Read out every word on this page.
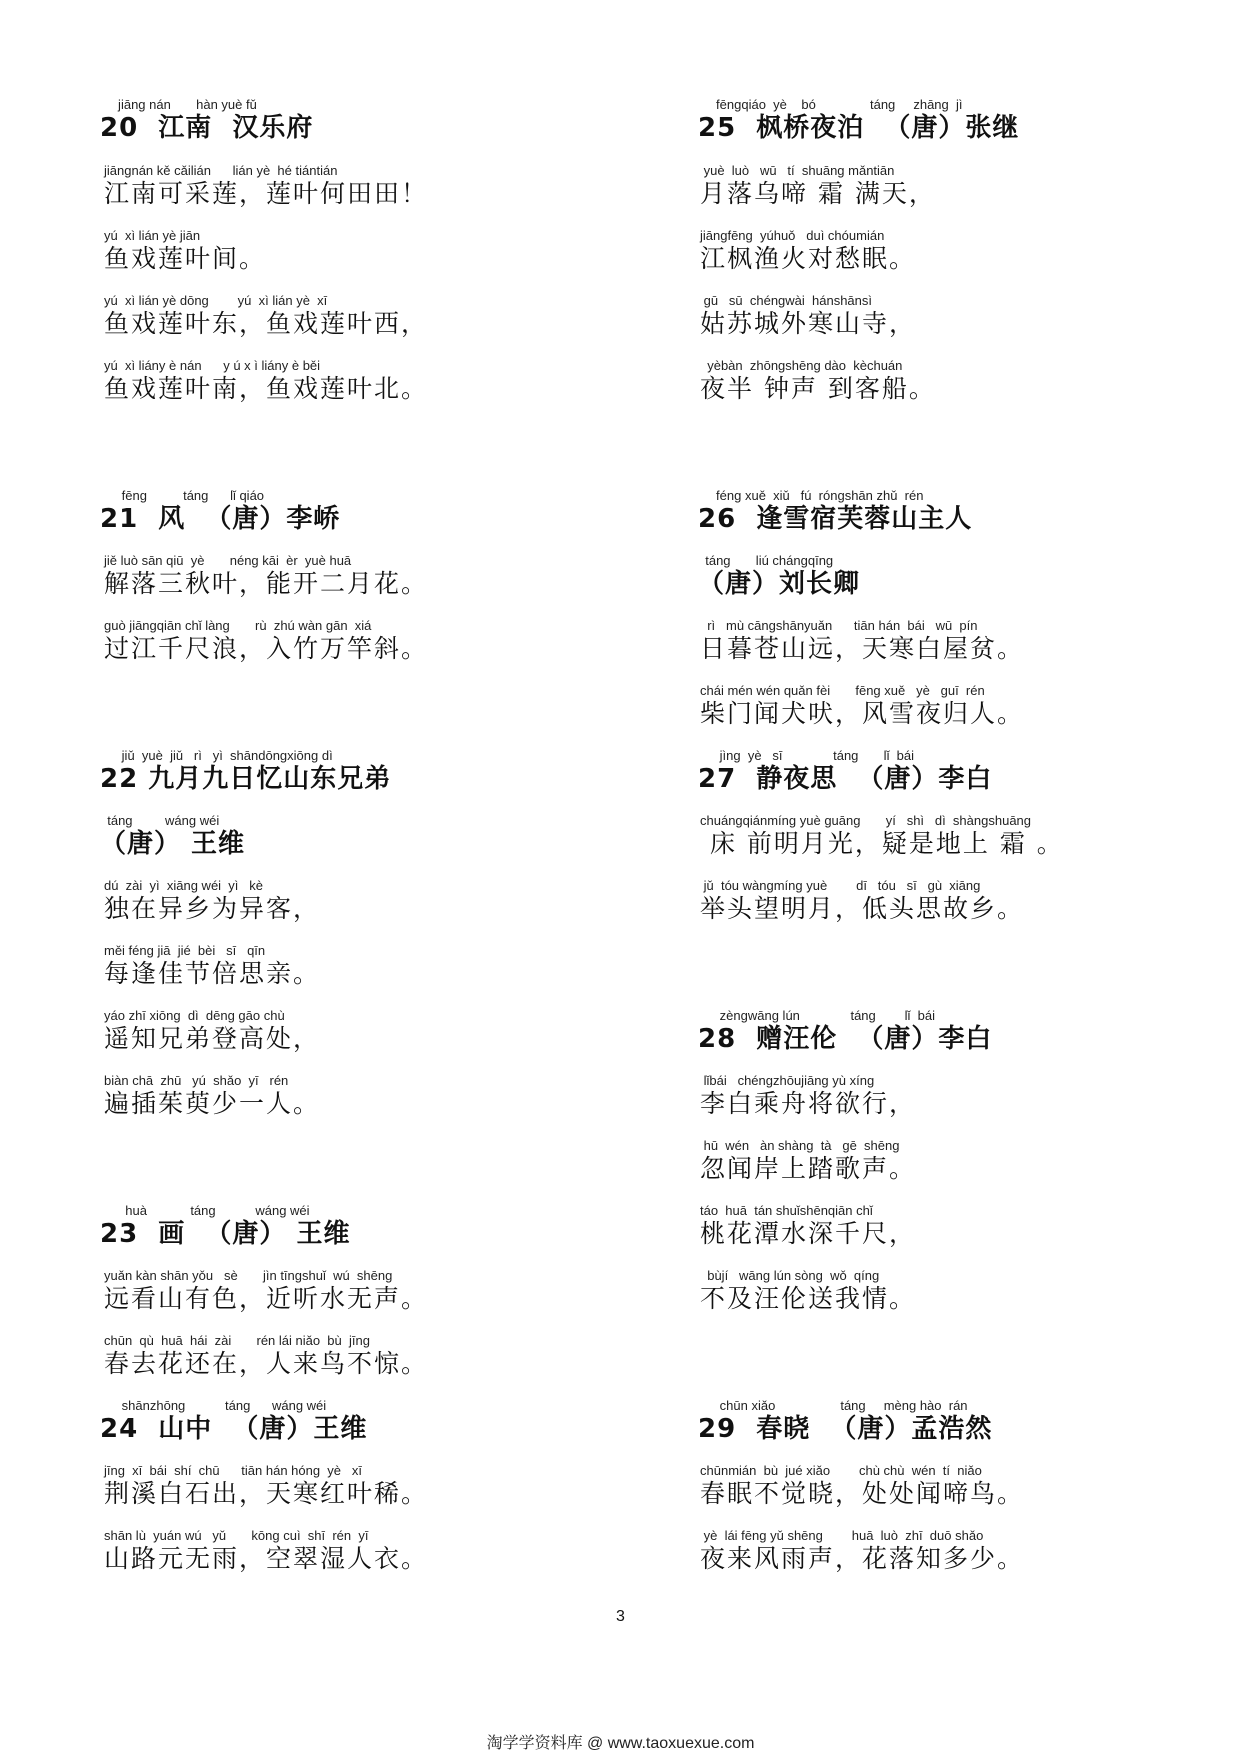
jiāng nán       hàn yuè fǔ
20  江南  汉乐府
jiāngnán kě cǎilián      lián yè  hé tiántián
江南可采莲，莲叶何田田！
yú  xì lián yè jiān
鱼戏莲叶间。
yú  xì lián yè dōng        yú  xì lián yè  xī
鱼戏莲叶东，鱼戏莲叶西，
yú  xì liány è nán      y ú x ì liány è běi
鱼戏莲叶南，鱼戏莲叶北。
fēng          táng      lǐ qiáo
21  风  （唐）李峤
jiě luò sān qiū  yè       néng kāi  èr  yuè huā
解落三秋叶，能开二月花。
guò jiāngqiān chǐ làng       rù  zhú wàn gān  xiá
过江千尺浪，入竹万竿斜。
jiǔ  yuè  jiǔ   rì   yì  shāndōngxiōng dì
22 九月九日忆山东兄弟
táng         wáng wéi
（唐） 王维
dú  zài  yì  xiāng wéi  yì   kè
独在异乡为异客，
měi féng jiā  jié  bèi   sī   qīn
每逢佳节倍思亲。
yáo zhī xiōng  dì  dēng gāo chù
遥知兄弟登高处，
biàn chā  zhū   yú  shǎo  yī   rén
遍插茱萸少一人。
huà            táng           wáng wéi
23  画  （唐） 王维
yuǎn kàn shān yǒu   sè       jìn tīngshuǐ  wú  shēng
远看山有色，近听水无声。
chūn  qù  huā  hái  zài       rén lái niǎo  bù  jīng
春去花还在，人来鸟不惊。
shānzhōng           táng      wáng wéi
24  山中  （唐）王维
jīng  xī  bái  shí  chū      tiān hán hóng  yè   xī
荆溪白石出，天寒红叶稀。
shān lù  yuán wú   yǔ       kōng cuì  shī  rén  yī
山路元无雨，空翠湿人衣。
fēngqiáo  yè    bó               táng     zhāng  jì
25  枫桥夜泊  （唐）张继
yuè  luò   wū   tí  shuāng mǎntiān
月落乌啼 霜 满天，
jiāngfēng  yúhuǒ   duì chóumián
江枫渔火对愁眠。
gū   sū  chéngwài  hánshānsì
姑苏城外寒山寺，
yèbàn  zhōngshēng dào  kèchuán
夜半 钟声 到客船。
féng xuě  xiǔ   fú  róngshān zhǔ  rén
26  逢雪宿芙蓉山主人
táng       liú chángqīng
（唐）刘长卿
rì   mù cāngshānyuǎn      tiān hán  bái   wū  pín
日暮苍山远，天寒白屋贫。
chái mén wén quǎn fèi       fēng xuě   yè   guī  rén
柴门闻犬吠，风雪夜归人。
jìng  yè   sī              táng       lǐ  bái
27  静夜思  （唐）李白
chuángqiánmíng yuè guāng       yí   shì   dì  shàngshuāng
床 前明月光，疑是地上 霜 。
jǔ  tóu wàngmíng yuè        dī   tóu   sī   gù  xiāng
举头望明月，低头思故乡。
zèngwāng lún              táng        lǐ  bái
28  赠汪伦  （唐）李白
lǐbái   chéngzhōujiāng yù xíng
李白乘舟将欲行，
hū  wén   àn shàng  tà   gē  shēng
忽闻岸上踏歌声。
táo  huā  tán shuǐshēnqiān chǐ
桃花潭水深千尺，
bùjí   wāng lún sòng  wǒ  qíng
不及汪伦送我情。
chūn xiǎo                  táng     mèng hào  rán
29  春晓  （唐）孟浩然
chūnmián  bù  jué xiǎo        chù chù  wén  tí  niǎo
春眠不觉晓，处处闻啼鸟。
yè  lái fēng yǔ shēng        huā  luò  zhī  duō shǎo
夜来风雨声，花落知多少。
3
淘学学资料库 @ www.taoxuexue.com
